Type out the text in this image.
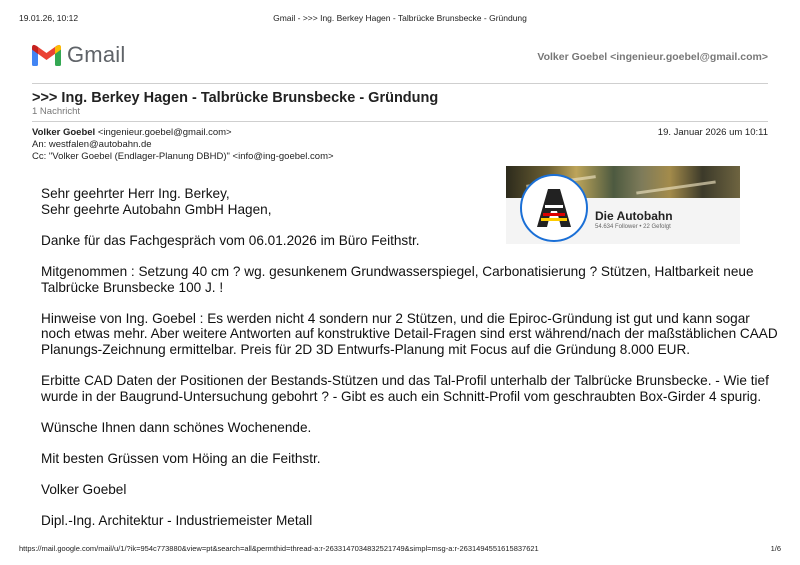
19.01.26, 10:12	Gmail - >>> Ing. Berkey Hagen - Talbrücke Brunsbecke - Gründung
Gmail	Volker Goebel <ingenieur.goebel@gmail.com>
>>> Ing. Berkey Hagen - Talbrücke Brunsbecke - Gründung
1 Nachricht
Volker Goebel <ingenieur.goebel@gmail.com>	19. Januar 2026 um 10:11
An: westfalen@autobahn.de
Cc: "Volker Goebel (Endlager-Planung DBHD)" <info@ing-goebel.com>
Die Autobahn
54.634 Follower • 22 Gefolgt

Sehr geehrter Herr Ing. Berkey,
Sehr geehrte Autobahn GmbH Hagen,

Danke für das Fachgespräch vom 06.01.2026 im Büro Feithstr.

Mitgenommen : Setzung 40 cm ? wg. gesunkenem Grundwasserspiegel, Carbonatisierung ? Stützen, Haltbarkeit neue Talbrücke Brunsbecke 100 J. !

Hinweise von Ing. Goebel : Es werden nicht 4 sondern nur 2 Stützen, und die Epiroc-Gründung ist gut und kann sogar noch etwas mehr. Aber weitere Antworten auf konstruktive Detail-Fragen sind erst während/nach der maßstäblichen CAAD Planungs-Zeichnung ermittelbar. Preis für 2D 3D Entwurfs-Planung mit Focus auf die Gründung 8.000 EUR.

Erbitte CAD Daten der Positionen der Bestands-Stützen und das Tal-Profil unterhalb der Talbrücke Brunsbecke. - Wie tief wurde in der Baugrund-Untersuchung gebohrt ? - Gibt es auch ein Schnitt-Profil vom geschraubten Box-Girder 4 spurig.

Wünsche Ihnen dann schönes Wochenende.

Mit besten Grüssen vom Höing an die Feithstr.

Volker Goebel

Dipl.-Ing. Architektur - Industriemeister Metall

https://mail.google.com/mail/u/1/?ik=954c773880&view=pt&search=all&permthid=thread-a:r-2633147034832521749&simpl=msg-a:r-2631494551615837621	1/6
